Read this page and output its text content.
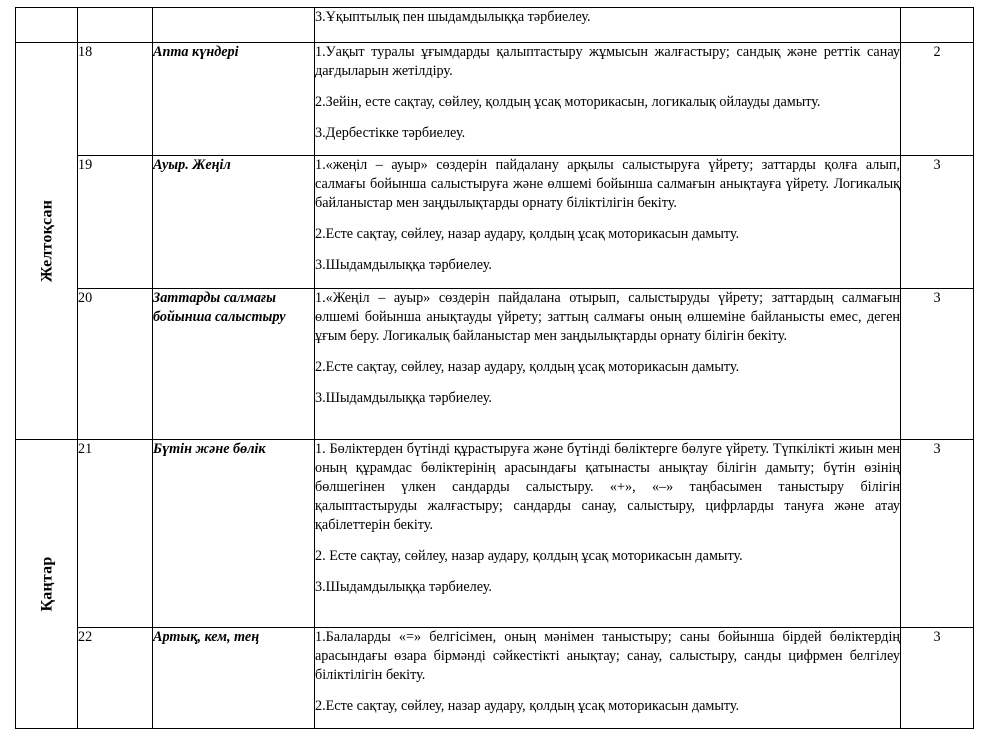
			3.Ұқыптылық пен шыдамдылыққа тәрбиелеу.	

Желтоқсан	18	Апта күндері	1.Уақыт туралы ұғымдарды қалыптастыру жұмысын жалғастыру; сандық және реттік санау дағдыларын жетілдіру.

2.Зейін, есте сақтау, сөйлеу, қолдың ұсақ моторикасын, логикалық ойлауды дамыту.

3.Дербестікке тәрбиелеу.	2
	19	Ауыр. Жеңіл	1.«жеңіл – ауыр» сөздерін пайдалану арқылы салыстыруға үйрету; заттарды қолға алып, салмағы бойынша салыстыруға және өлшемі бойынша салмағын анықтауға үйрету. Логикалық байланыстар мен заңдылықтарды орнату біліктілігін бекіту.

2.Есте сақтау, сөйлеу, назар аудару, қолдың ұсақ моторикасын дамыту.

3.Шыдамдылыққа тәрбиелеу.	3
	20	Заттарды салмағы бойынша салыстыру	1.«Жеңіл – ауыр» сөздерін пайдалана отырып, салыстыруды үйрету; заттардың салмағын өлшемі бойынша анықтауды үйрету; заттың салмағы оның өлшеміне байланысты емес, деген ұғым беру. Логикалық байланыстар мен заңдылықтарды орнату білігін бекіту.

2.Есте сақтау, сөйлеу, назар аудару, қолдың ұсақ моторикасын дамыту.

3.Шыдамдылыққа тәрбиелеу.	3

Қаңтар	21	Бүтін және бөлік	1. Бөліктерден бүтінді құрастыруға және бүтінді бөліктерге бөлуге үйрету. Түпкілікті жиын мен оның құрамдас бөліктерінің арасындағы қатынасты анықтау білігін дамыту; бүтін өзінің бөлшегінен үлкен сандарды салыстыру. «+», «–» таңбасымен таныстыру білігін қалыптастыруды жалғастыру; сандарды санау, салыстыру, цифрларды тануға және атау қабілеттерін бекіту.

2. Есте сақтау, сөйлеу, назар аудару, қолдың ұсақ моторикасын дамыту.

3.Шыдамдылыққа тәрбиелеу.	3
	22	Артық, кем, тең	1.Балаларды «=» белгісімен, оның мәнімен таныстыру; саны бойынша бірдей бөліктердің арасындағы өзара бірмәнді сәйкестікті анықтау; санау, салыстыру, санды цифрмен белгілеу біліктілігін бекіту.

2.Есте сақтау, сөйлеу, назар аудару, қолдың ұсақ моторикасын дамыту.	3
